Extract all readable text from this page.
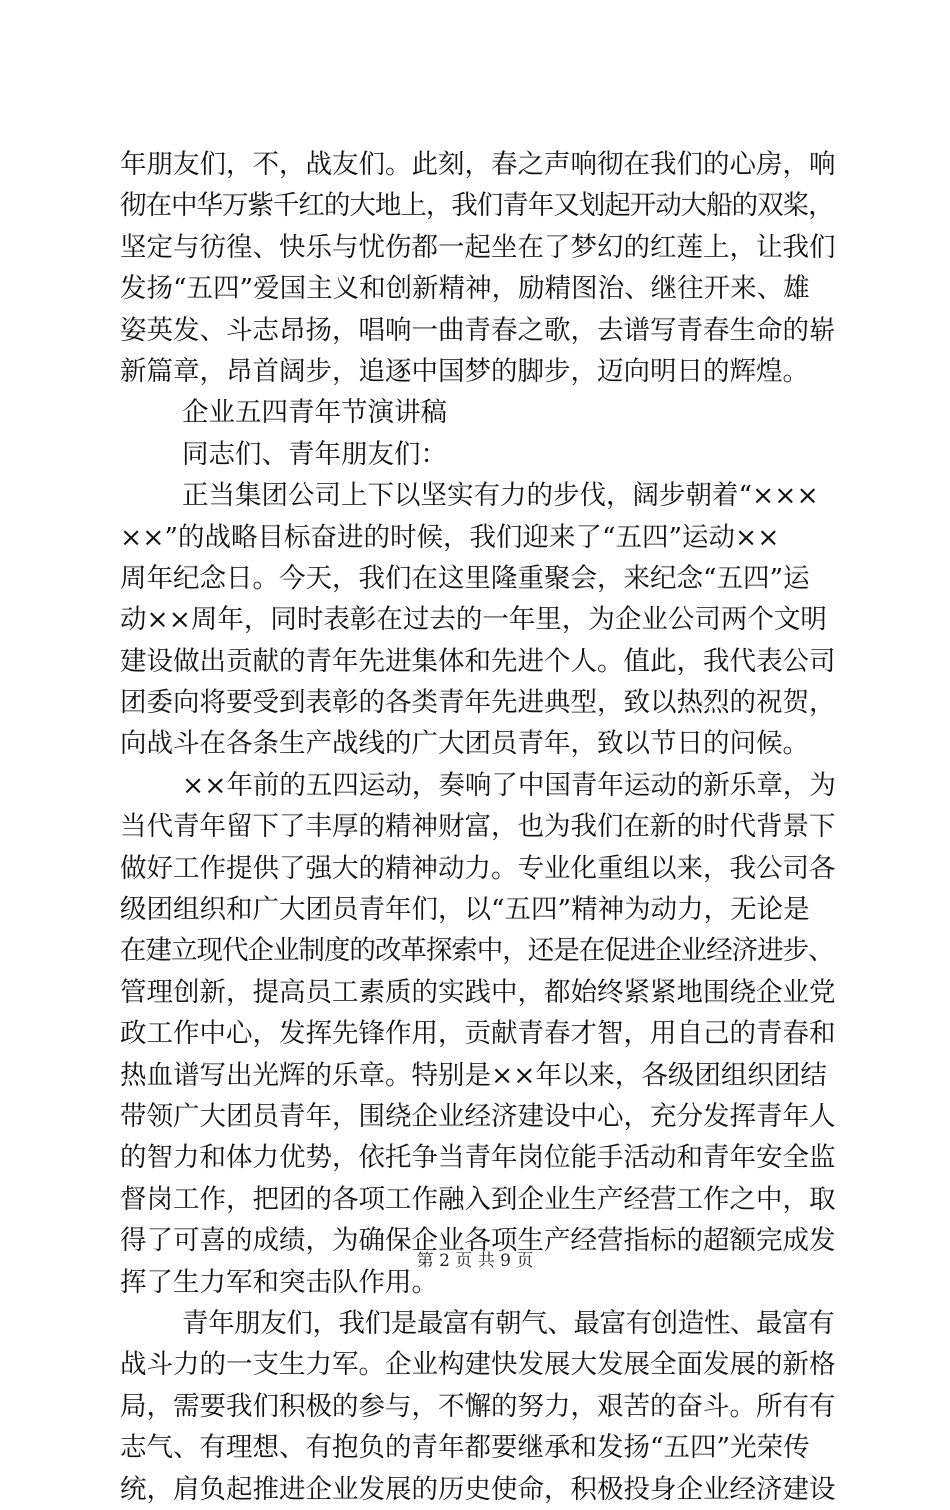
年朋友们，不，战友们。此刻，春之声响彻在我们的心房，响
彻在中华万紫千红的大地上，我们青年又划起开动大船的双桨，
坚定与彷徨、快乐与忧伤都一起坐在了梦幻的红莲上，让我们
发扬“五四”爱国主义和创新精神，励精图治、继往开来、雄
姿英发、斗志昂扬，唱响一曲青春之歌，去谱写青春生命的崭
新篇章，昂首阔步，追逐中国梦的脚步，迈向明日的辉煌。
企业五四青年节演讲稿
同志们、青年朋友们：
正当集团公司上下以坚实有力的步伐，阔步朝着“×××
××”的战略目标奋进的时候，我们迎来了“五四”运动××
周年纪念日。今天，我们在这里隆重聚会，来纪念“五四”运
动××周年，同时表彰在过去的一年里，为企业公司两个文明
建设做出贡献的青年先进集体和先进个人。值此，我代表公司
团委向将要受到表彰的各类青年先进典型，致以热烈的祝贺，
向战斗在各条生产战线的广大团员青年，致以节日的问候。
××年前的五四运动，奏响了中国青年运动的新乐章，为
当代青年留下了丰厚的精神财富，也为我们在新的时代背景下
做好工作提供了强大的精神动力。专业化重组以来，我公司各
级团组织和广大团员青年们，以“五四”精神为动力，无论是
在建立现代企业制度的改革探索中，还是在促进企业经济进步、
管理创新，提高员工素质的实践中，都始终紧紧地围绕企业党
政工作中心，发挥先锋作用，贡献青春才智，用自己的青春和
热血谱写出光辉的乐章。特别是××年以来，各级团组织团结
带领广大团员青年，围绕企业经济建设中心，充分发挥青年人
的智力和体力优势，依托争当青年岗位能手活动和青年安全监
督岗工作，把团的各项工作融入到企业生产经营工作之中，取
得了可喜的成绩，为确保企业各项生产经营指标的超额完成发
挥了生力军和突击队作用。
青年朋友们，我们是最富有朝气、最富有创造性、最富有
战斗力的一支生力军。企业构建快发展大发展全面发展的新格
局，需要我们积极的参与，不懈的努力，艰苦的奋斗。所有有
志气、有理想、有抱负的青年都要继承和发扬“五四”光荣传
统，肩负起推进企业发展的历史使命，积极投身企业经济建设
第 2 页 共 9 页
